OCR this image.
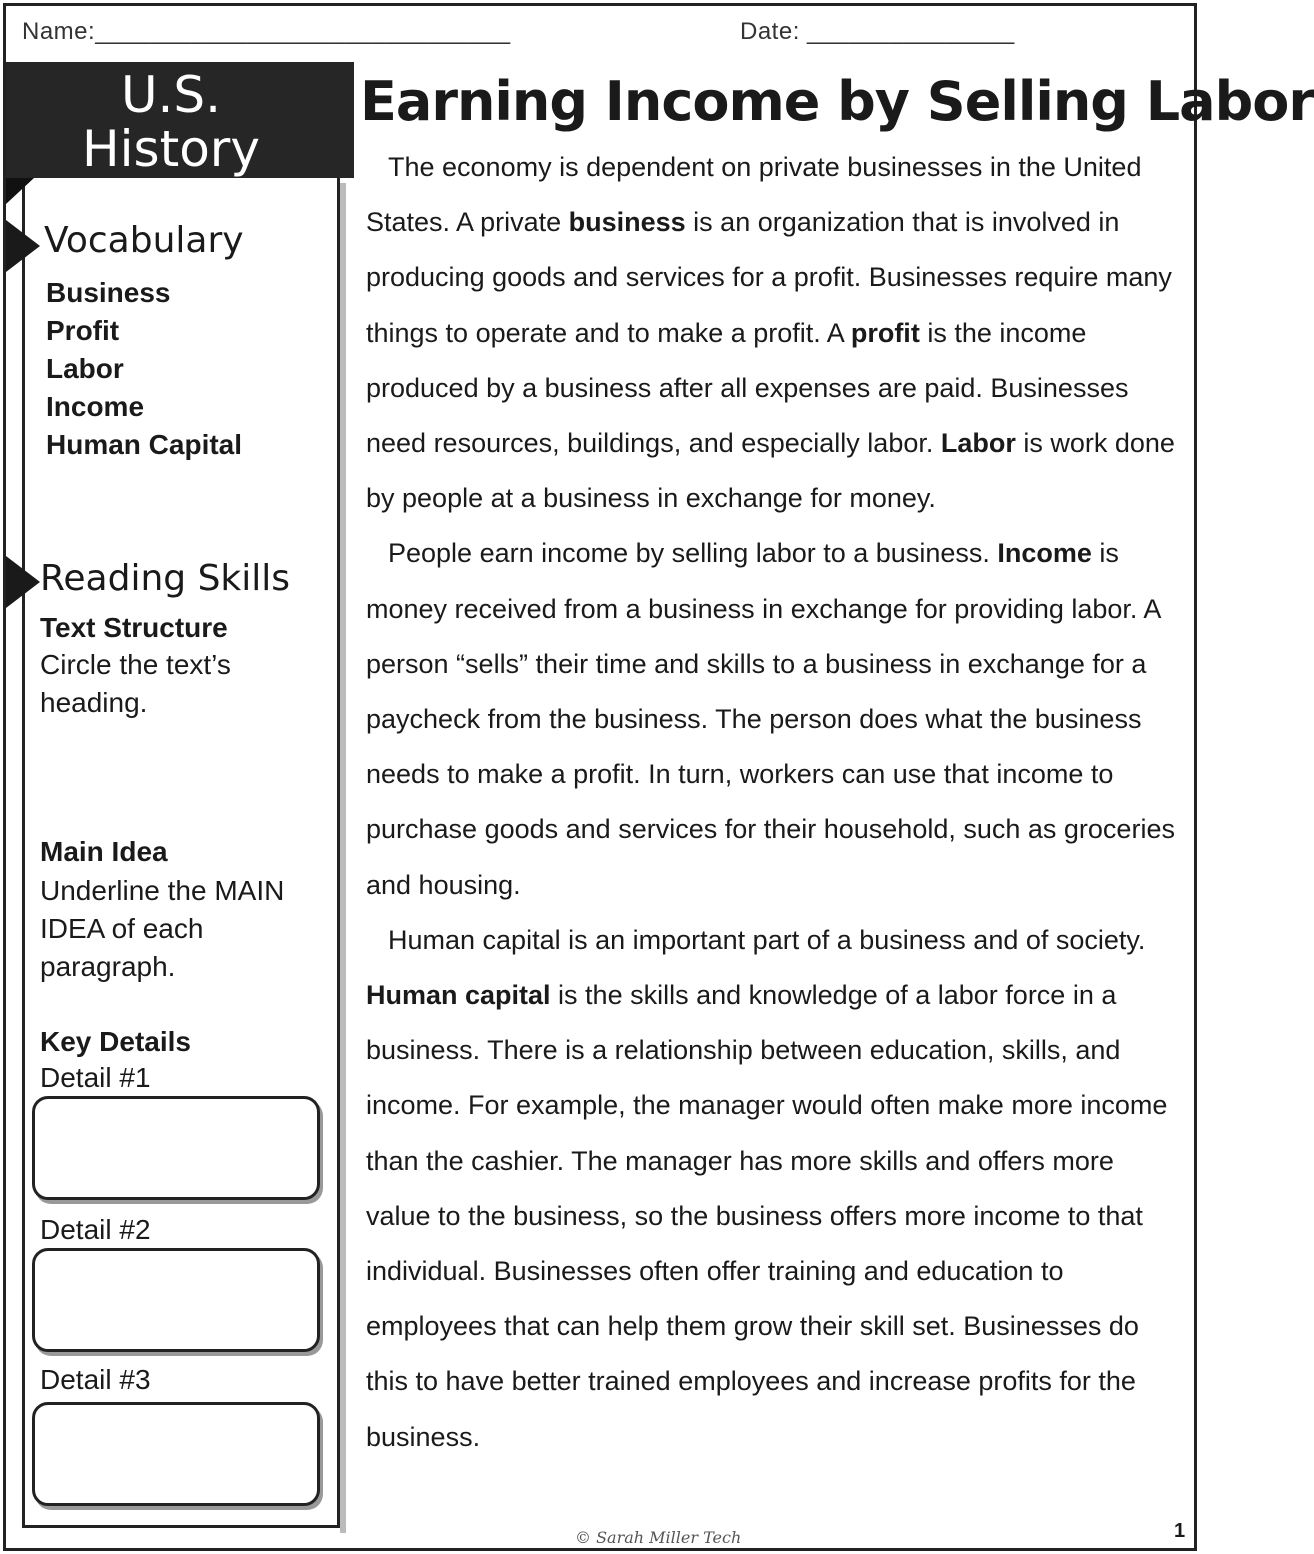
Name:______________________________	Date: _______________
U.S.
History
Vocabulary
Business
Profit
Labor
Income
Human Capital
Reading Skills
Text Structure
Circle the text’s heading.
Main Idea
Underline the MAIN IDEA of each paragraph.
Key Details
Detail #1
Detail #2
Detail #3
Earning Income by Selling Labor

The economy is dependent on private businesses in the United States. A private business is an organization that is involved in producing goods and services for a profit. Businesses require many things to operate and to make a profit. A profit is the income produced by a business after all expenses are paid. Businesses need resources, buildings, and especially labor. Labor is work done by people at a business in exchange for money.

People earn income by selling labor to a business. Income is money received from a business in exchange for providing labor. A person “sells” their time and skills to a business in exchange for a paycheck from the business. The person does what the business needs to make a profit. In turn, workers can use that income to purchase goods and services for their household, such as groceries and housing.

Human capital is an important part of a business and of society. Human capital is the skills and knowledge of a labor force in a business. There is a relationship between education, skills, and income. For example, the manager would often make more income than the cashier. The manager has more skills and offers more value to the business, so the business offers more income to that individual. Businesses often offer training and education to employees that can help them grow their skill set. Businesses do this to have better trained employees and increase profits for the business.

© Sarah Miller Tech	1
